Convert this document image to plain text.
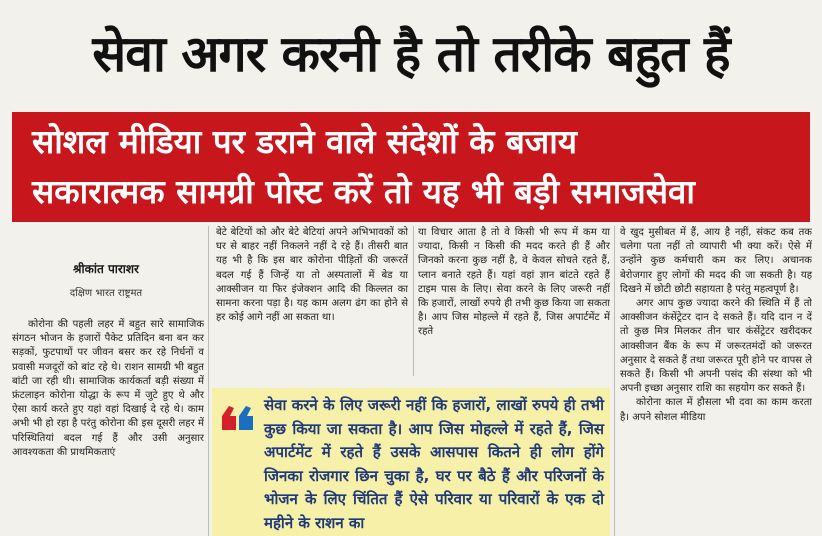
सेवा अगर करनी है तो तरीके बहुत हैं
सोशल मीडिया पर डराने वाले संदेशों के बजाय
सकारात्मक सामग्री पोस्ट करें तो यह भी बड़ी समाजसेवा
श्रीकांत पाराशर
दक्षिण भारत राष्ट्रमत

कोरोना की पहली लहर में बहुत सारे सामाजिक संगठन भोजन के हजारों पैकेट प्रतिदिन बना बन कर सड़कों, फुटपाथों पर जीवन बसर कर रहे निर्धनों व प्रवासी मजदूरों को बांट रहे थे। राशन सामग्री भी बहुत बांटी जा रही थी। सामाजिक कार्यकर्ता बड़ी संख्या में फ्रंटलाइन कोरोना योद्धा के रूप में जुटे हुए थे और ऐसा कार्य करते हुए यहां वहां दिखाई दे रहे थे। काम अभी भी हो रहा है परंतु कोरोना की इस दूसरी लहर में परिस्थितियां बदल गई हैं और उसी अनुसार आवश्यकता की प्राथमिकताएं

बेटे बेटियों को और बेटे बेटियां अपने अभिभावकों को घर से बाहर नहीं निकलने नहीं दे रहे हैं। तीसरी बात यह भी है कि इस बार कोरोना पीड़ितों की जरूरतें बदल गई हैं जिन्हें या तो अस्पतालों में बेड या आक्सीजन या फिर इंजेक्शन आदि की किल्लत का सामना करना पड़ा है। यह काम अलग ढंग का होने से हर कोई आगे नहीं आ सकता था।

या विचार आता है तो वे किसी भी रूप में कम या ज्यादा, किसी न किसी की मदद करते ही हैं और जिनको करना कुछ नहीं है, वे केवल सोचते रहते हैं, प्लान बनाते रहते हैं। यहां वहां ज्ञान बांटते रहते हैं टाइम पास के लिए। सेवा करने के लिए जरूरी नहीं कि हजारों, लाखों रुपये ही तभी कुछ किया जा सकता है। आप जिस मोहल्ले में रहते हैं, जिस अपार्टमेंट में रहते

वे खुद मुसीबत में हैं, आय है नहीं, संकट कब तक चलेगा पता नहीं तो व्यापारी भी क्या करें। ऐसे में उन्होंने कुछ कर्मचारी कम कर लिए। अचानक बेरोजगार हुए लोगों की मदद की जा सकती है। यह दिखने में छोटी छोटी सहायता है परंतु महत्वपूर्ण है।

अगर आप कुछ ज्यादा करने की स्थिति में हैं तो आक्सीजन कंसेंट्रेटर दान दे सकते हैं। यदि दान न दें तो कुछ मित्र मिलकर तीन चार कंसेंट्रेटर खरीदकर आक्सीजन बैंक के रूप में जरूरतमंदों को जरूरत अनुसार दे सकते हैं तथा जरूरत पूरी होने पर वापस ले सकते हैं। किसी भी अपनी पसंद की संस्था को भी अपनी इच्छा अनुसार राशि का सहयोग कर सकते हैं।

कोरोना काल में हौसला भी दवा का काम करता है। अपने सोशल मीडिया

सेवा करने के लिए जरूरी नहीं कि हजारों, लाखों रुपये ही तभी कुछ किया जा सकता है। आप जिस मोहल्ले में रहते हैं, जिस अपार्टमेंट में रहते हैं उसके आसपास कितने ही लोग होंगे जिनका रोजगार छिन चुका है, घर पर बैठे हैं और परिजनों के भोजन के लिए चिंतित हैं ऐसे परिवार या परिवारों के एक दो महीने के राशन का
